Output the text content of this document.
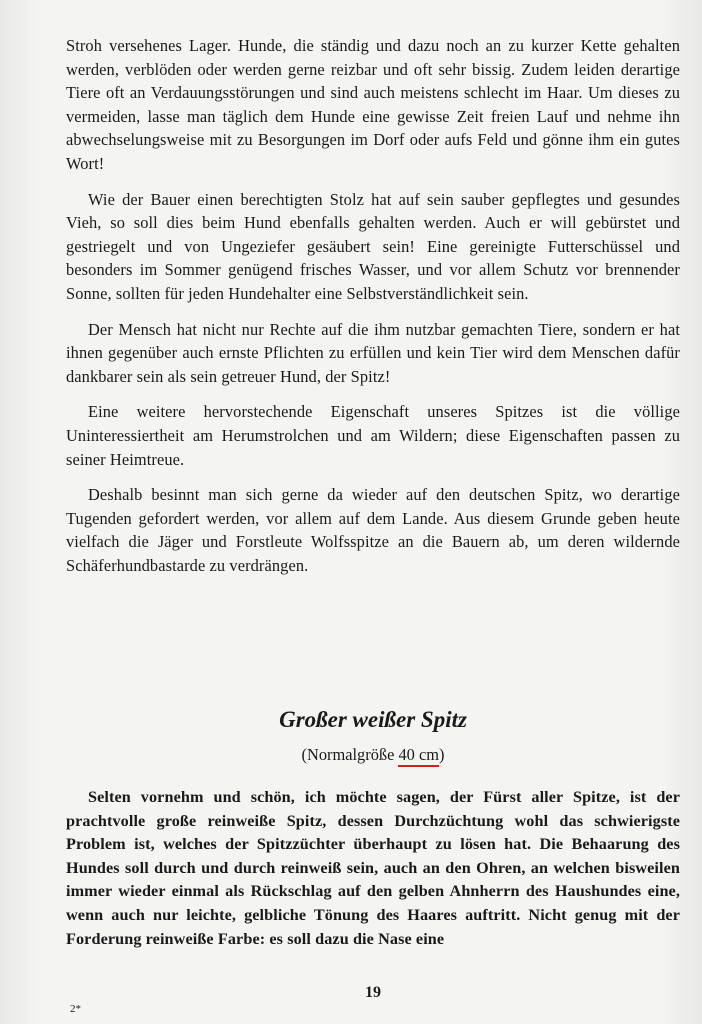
Stroh versehenes Lager. Hunde, die ständig und dazu noch an zu kurzer Kette gehalten werden, verblöden oder werden gerne reizbar und oft sehr bissig. Zudem leiden derartige Tiere oft an Verdauungsstörungen und sind auch meistens schlecht im Haar. Um dieses zu vermeiden, lasse man täglich dem Hunde eine gewisse Zeit freien Lauf und nehme ihn abwechselungsweise mit zu Besorgungen im Dorf oder aufs Feld und gönne ihm ein gutes Wort!

Wie der Bauer einen berechtigten Stolz hat auf sein sauber gepflegtes und gesundes Vieh, so soll dies beim Hund ebenfalls gehalten werden. Auch er will gebürstet und gestriegelt und von Ungeziefer gesäubert sein! Eine gereinigte Futterschüssel und besonders im Sommer genügend frisches Wasser, und vor allem Schutz vor brennender Sonne, sollten für jeden Hundehalter eine Selbstverständlichkeit sein.

Der Mensch hat nicht nur Rechte auf die ihm nutzbar gemachten Tiere, sondern er hat ihnen gegenüber auch ernste Pflichten zu erfüllen und kein Tier wird dem Menschen dafür dankbarer sein als sein getreuer Hund, der Spitz!

Eine weitere hervorstechende Eigenschaft unseres Spitzes ist die völlige Uninteressiertheit am Herumstrolchen und am Wildern; diese Eigenschaften passen zu seiner Heimtreue.

Deshalb besinnt man sich gerne da wieder auf den deutschen Spitz, wo derartige Tugenden gefordert werden, vor allem auf dem Lande. Aus diesem Grunde geben heute vielfach die Jäger und Forstleute Wolfsspitze an die Bauern ab, um deren wildernde Schäferhundbastarde zu verdrängen.

Großer weißer Spitz

(Normalgröße 40 cm)

Selten vornehm und schön, ich möchte sagen, der Fürst aller Spitze, ist der prachtvolle große reinweiße Spitz, dessen Durchzüchtung wohl das schwierigste Problem ist, welches der Spitzzüchter überhaupt zu lösen hat. Die Behaarung des Hundes soll durch und durch reinweiß sein, auch an den Ohren, an welchen bisweilen immer wieder einmal als Rückschlag auf den gelben Ahnherrn des Haushundes eine, wenn auch nur leichte, gelbliche Tönung des Haares auftritt. Nicht genug mit der Forderung reinweiße Farbe: es soll dazu die Nase eine

19

2*
